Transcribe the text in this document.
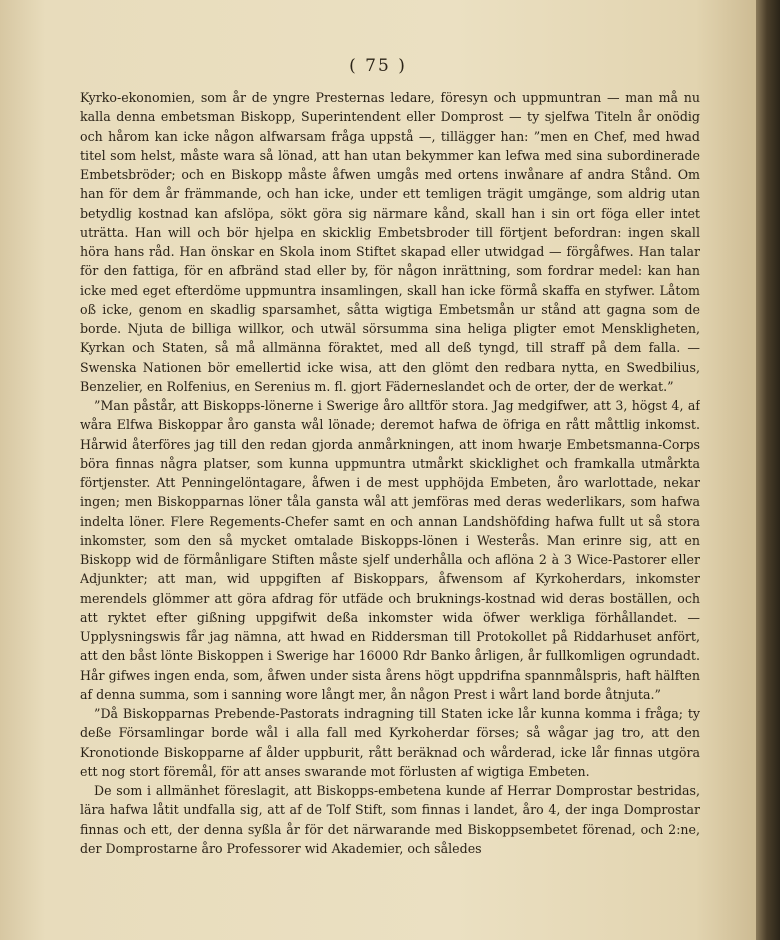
( 75 )

Kyrko-ekonomien, som år de yngre Presternas ledare, föresyn och uppmuntran — man må nu kalla denna embetsman Biskopp, Superintendent eller Domprost — ty sjelfwa Titeln år onödig och hårom kan icke någon alfwarsam fråga uppstå —, tillägger han: ”men en Chef, med hwad titel som helst, måste wara så lönad, att han utan bekymmer kan lefwa med sina subordinerade Embetsbröder; och en Biskopp måste åfwen umgås med ortens inwånare af andra Stånd. Om han för dem år främmande, och han icke, under ett temligen trägit umgänge, som aldrig utan betydlig kostnad kan afslöpa, sökt göra sig närmare kånd, skall han i sin ort föga eller intet uträtta. Han will och bör hjelpa en skicklig Embetsbroder till förtjent befordran: ingen skall höra hans råd. Han önskar en Skola inom Stiftet skapad eller utwidgad — förgåfwes. Han talar för den fattiga, för en afbränd stad eller by, för någon inrättning, som fordrar medel: kan han icke med eget efterdöme uppmuntra insamlingen, skall han icke förmå skaffa en styfwer. Låtom oß icke, genom en skadlig sparsamhet, såtta wigtiga Embetsmån ur stånd att gagna som de borde. Njuta de billiga willkor, och utwäl sörsumma sina heliga pligter emot Menskligheten, Kyrkan och Staten, så må allmänna föraktet, med all deß tyngd, till straff på dem falla. — Swenska Nationen bör emellertid icke wisa, att den glömt den redbara nytta, en Swedbilius, Benzelier, en Rolfenius, en Serenius m. fl. gjort Fäderneslandet och de orter, der de werkat.”

”Man påstår, att Biskopps-lönerne i Swerige åro alltför stora. Jag medgifwer, att 3, högst 4, af wåra Elfwa Biskoppar åro gansta wål lönade; deremot hafwa de öfriga en rått måttlig inkomst. Hårwid återföres jag till den redan gjorda anmårkningen, att inom hwarje Embetsmanna-Corps böra finnas några platser, som kunna uppmuntra utmårkt skicklighet och framkalla utmårkta förtjenster. Att Penningelöntagare, åfwen i de mest upphöjda Embeten, åro warlottade, nekar ingen; men Biskopparnas löner tåla gansta wål att jemföras med deras wederlikars, som hafwa indelta löner. Flere Regements-Chefer samt en och annan Landshöfding hafwa fullt ut så stora inkomster, som den så mycket omtalade Biskopps-lönen i Westerås. Man erinre sig, att en Biskopp wid de förmånligare Stiften måste sjelf underhålla och aflöna 2 à 3 Wice-Pastorer eller Adjunkter; att man, wid uppgiften af Biskoppars, åfwensom af Kyrkoherdars, inkomster merendels glömmer att göra afdrag för utfäde och bruknings-kostnad wid deras boställen, och att ryktet efter gißning uppgifwit deßa inkomster wida öfwer werkliga förhållandet. — Upplysningswis får jag nämna, att hwad en Riddersman till Protokollet på Riddarhuset anfört, att den båst lönte Biskoppen i Swerige har 16000 Rdr Banko årligen, år fullkomligen ogrundadt. Hår gifwes ingen enda, som, åfwen under sista årens högt uppdrifna spannmålspris, haft hälften af denna summa, som i sanning wore långt mer, ån någon Prest i wårt land borde åtnjuta.”

”Då Biskopparnas Prebende-Pastorats indragning till Staten icke lår kunna komma i fråga; ty deße Församlingar borde wål i alla fall med Kyrkoherdar förses; så wågar jag tro, att den Kronotionde Biskopparne af ålder uppburit, rått beräknad och wårderad, icke lår finnas utgöra ett nog stort föremål, för att anses swarande mot förlusten af wigtiga Embeten.

De som i allmänhet föreslagit, att Biskopps-embetena kunde af Herrar Domprostar bestridas, lära hafwa låtit undfalla sig, att af de Tolf Stift, som finnas i landet, åro 4, der inga Domprostar finnas och ett, der denna syßla år för det närwarande med Biskoppsembetet förenad, och 2:ne, der Domprostarne åro Professorer wid Akademier, och således
